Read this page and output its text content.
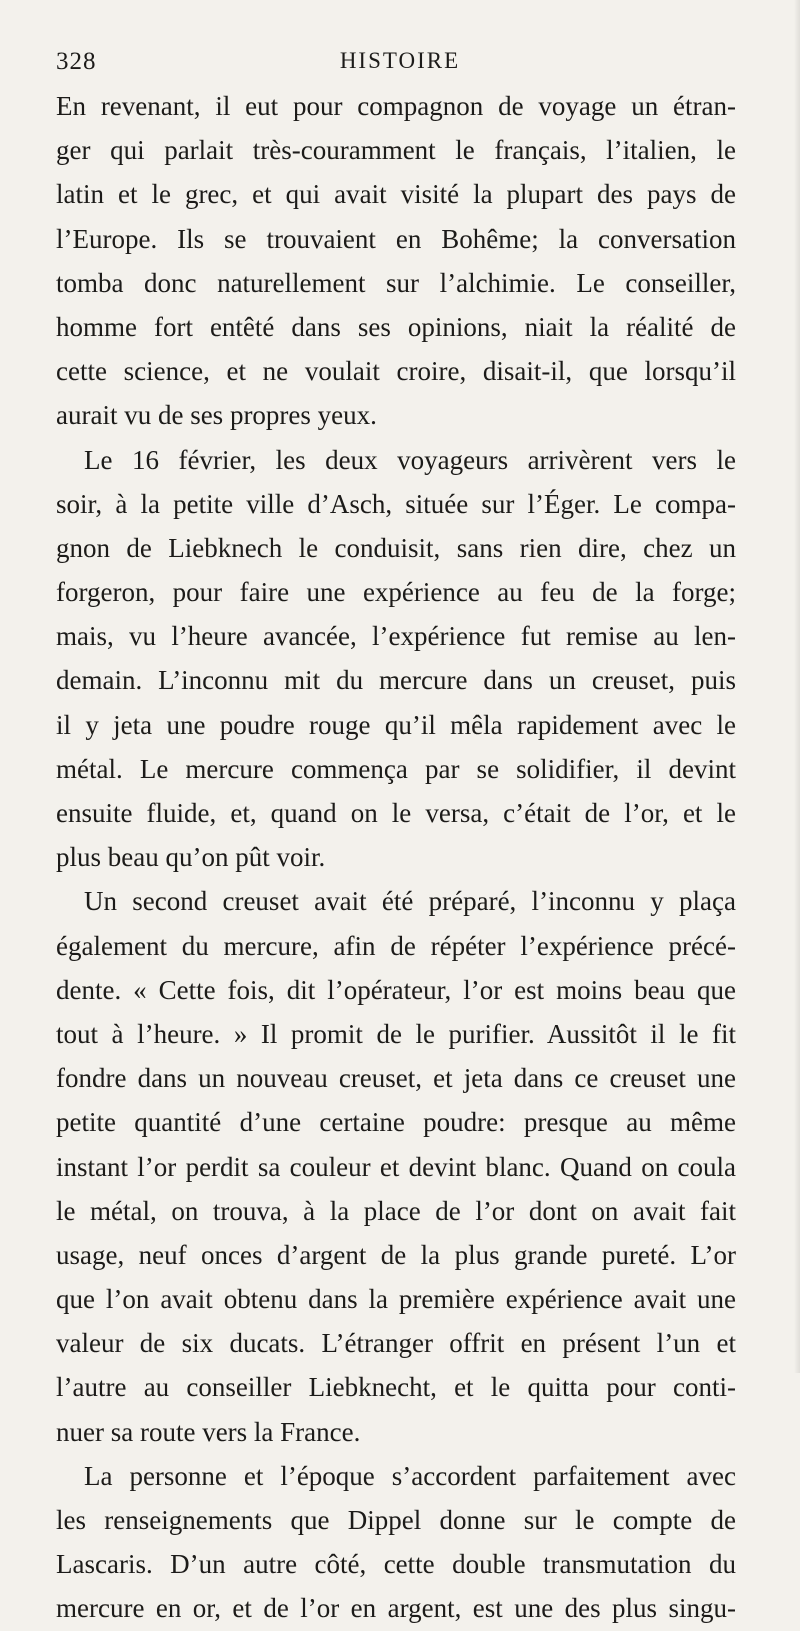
328	HISTOIRE
En revenant, il eut pour compagnon de voyage un étran-
ger qui parlait très-couramment le français, l’italien, le
latin et le grec, et qui avait visité la plupart des pays de
l’Europe. Ils se trouvaient en Bohême; la conversation
tomba donc naturellement sur l’alchimie. Le conseiller,
homme fort entêté dans ses opinions, niait la réalité de
cette science, et ne voulait croire, disait-il, que lorsqu’il
aurait vu de ses propres yeux.
Le 16 février, les deux voyageurs arrivèrent vers le
soir, à la petite ville d’Asch, située sur l’Éger. Le compa-
gnon de Liebknech le conduisit, sans rien dire, chez un
forgeron, pour faire une expérience au feu de la forge;
mais, vu l’heure avancée, l’expérience fut remise au len-
demain. L’inconnu mit du mercure dans un creuset, puis
il y jeta une poudre rouge qu’il mêla rapidement avec le
métal. Le mercure commença par se solidifier, il devint
ensuite fluide, et, quand on le versa, c’était de l’or, et le
plus beau qu’on pût voir.
Un second creuset avait été préparé, l’inconnu y plaça
également du mercure, afin de répéter l’expérience précé-
dente. « Cette fois, dit l’opérateur, l’or est moins beau que
tout à l’heure. » Il promit de le purifier. Aussitôt il le fit
fondre dans un nouveau creuset, et jeta dans ce creuset une
petite quantité d’une certaine poudre: presque au même
instant l’or perdit sa couleur et devint blanc. Quand on coula
le métal, on trouva, à la place de l’or dont on avait fait
usage, neuf onces d’argent de la plus grande pureté. L’or
que l’on avait obtenu dans la première expérience avait une
valeur de six ducats. L’étranger offrit en présent l’un et
l’autre au conseiller Liebknecht, et le quitta pour conti-
nuer sa route vers la France.
La personne et l’époque s’accordent parfaitement avec
les renseignements que Dippel donne sur le compte de
Lascaris. D’un autre côté, cette double transmutation du
mercure en or, et de l’or en argent, est une des plus singu-
